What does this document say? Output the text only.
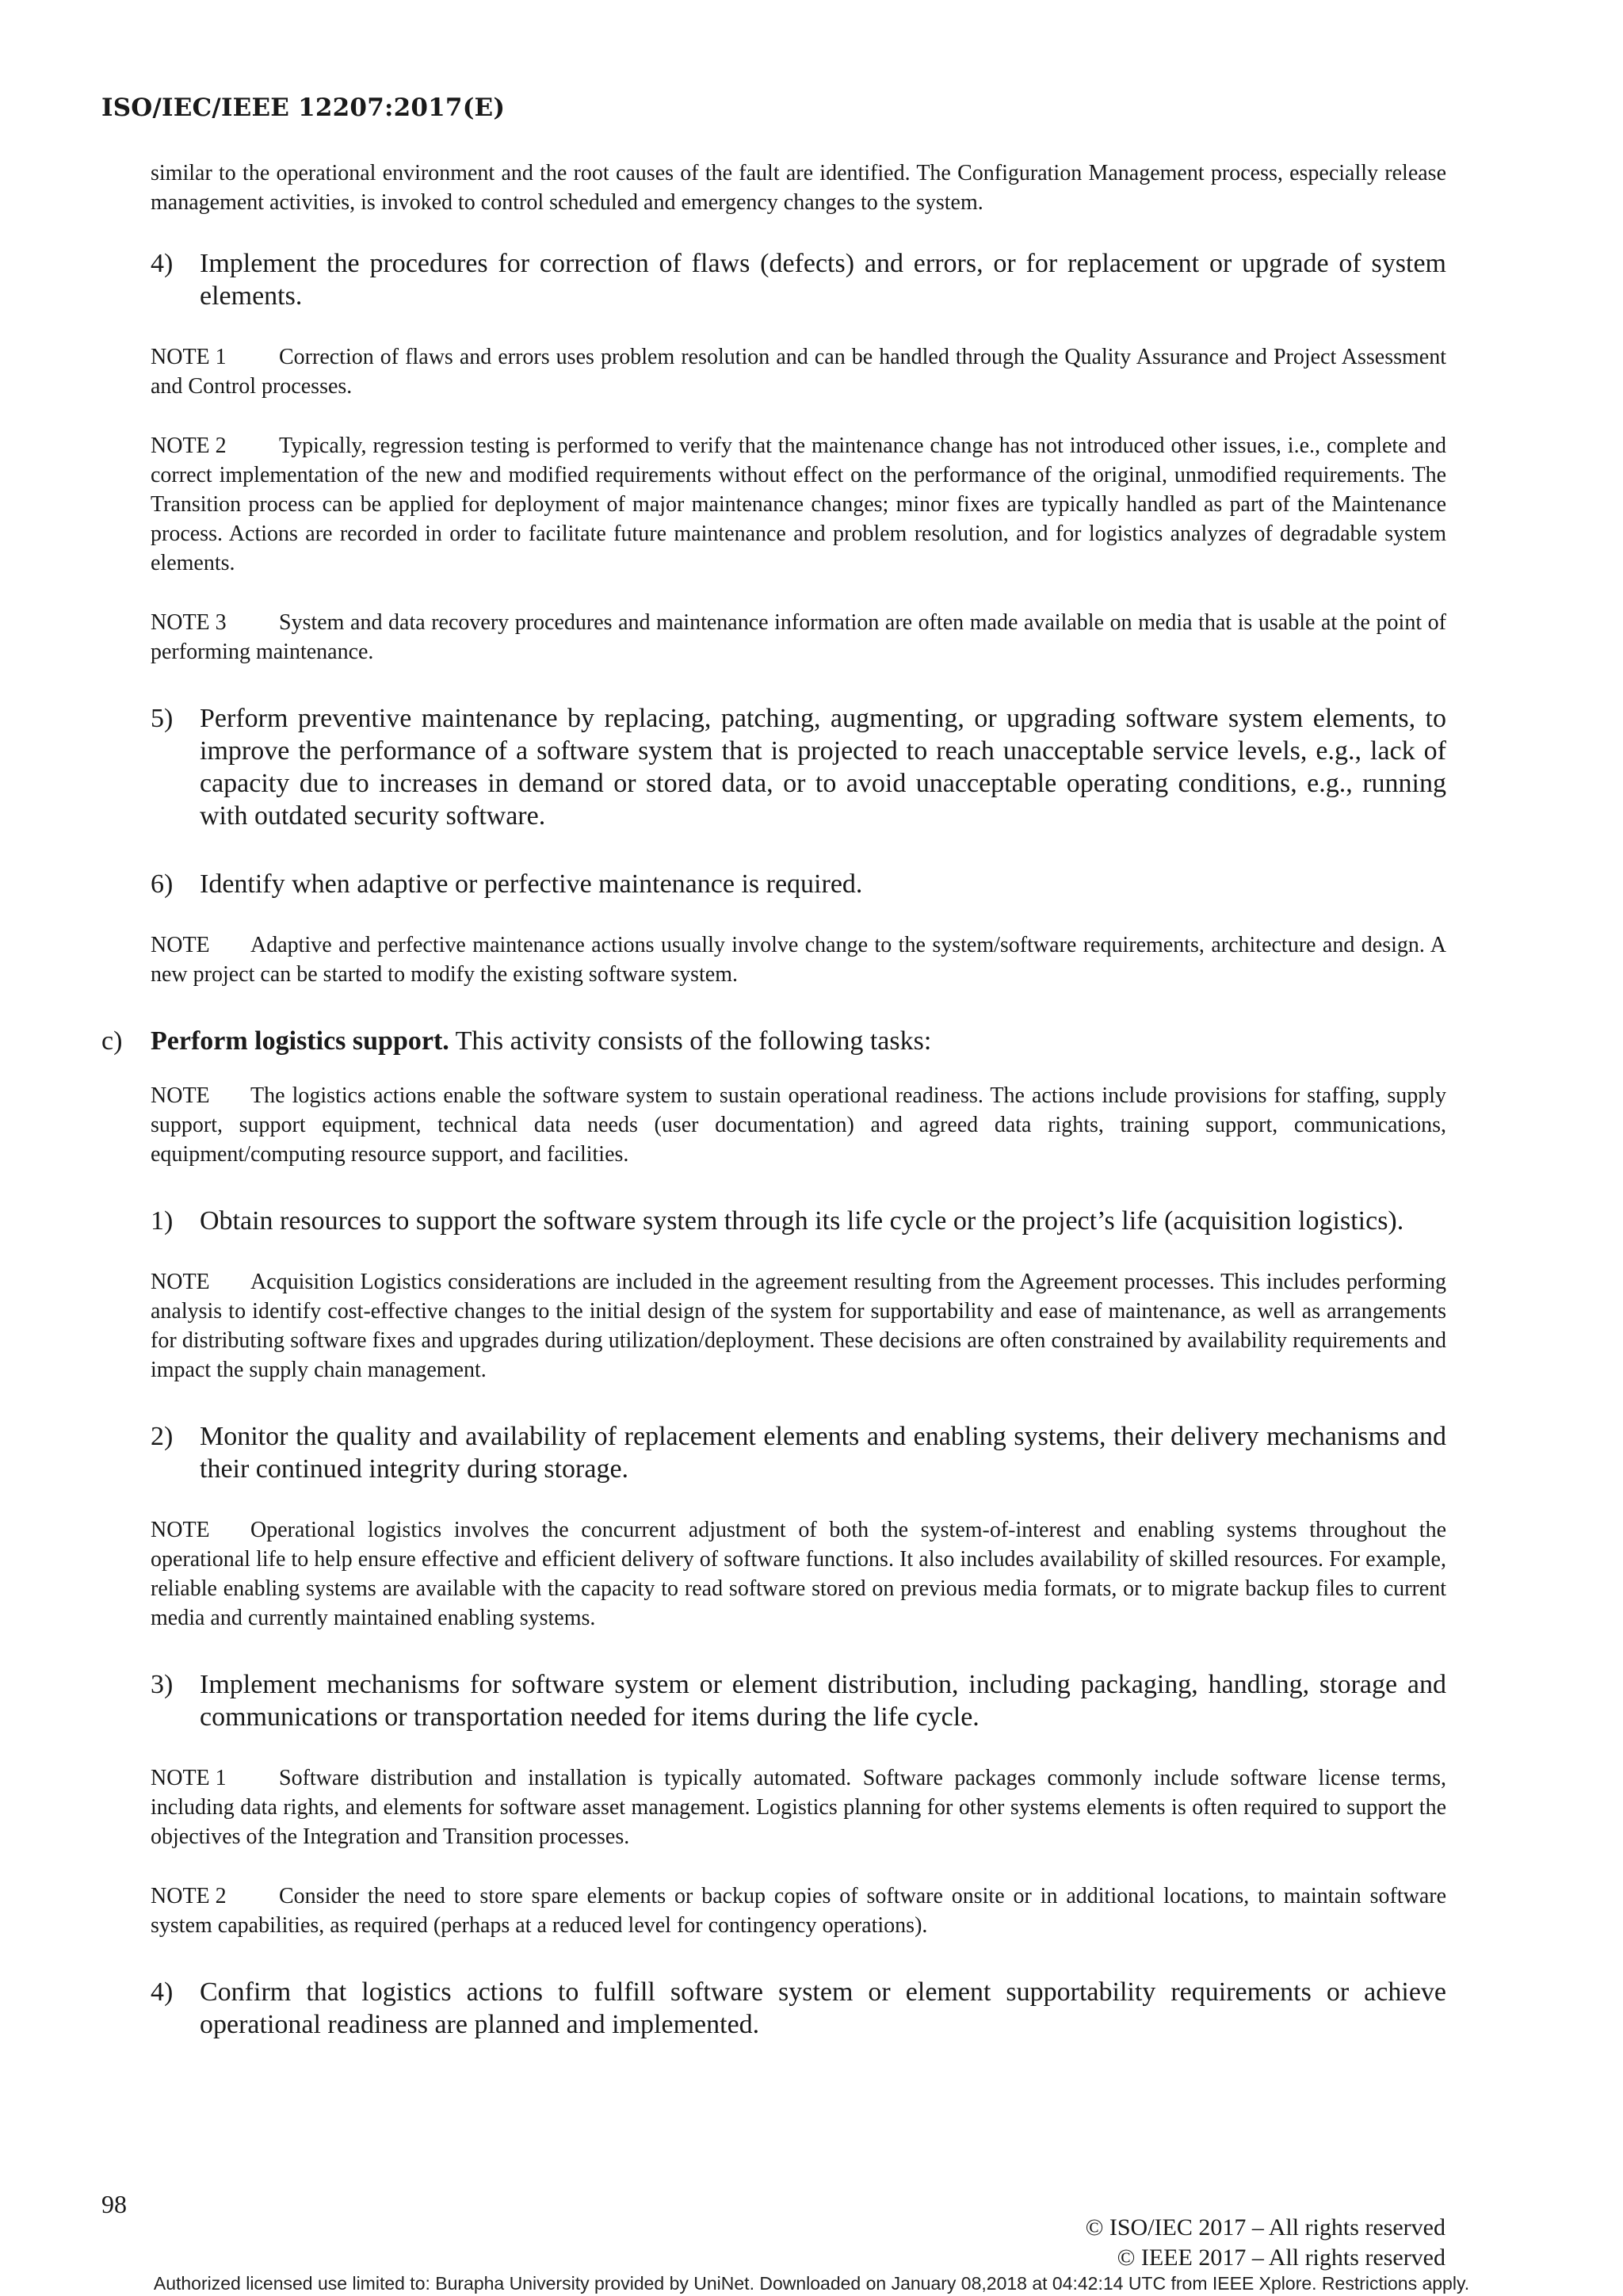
ISO/IEC/IEEE 12207:2017(E)

similar to the operational environment and the root causes of the fault are identified. The Configuration Management process, especially release management activities, is invoked to control scheduled and emergency changes to the system.

4) Implement the procedures for correction of flaws (defects) and errors, or for replacement or upgrade of system elements.

NOTE 1 Correction of flaws and errors uses problem resolution and can be handled through the Quality Assurance and Project Assessment and Control processes.

NOTE 2 Typically, regression testing is performed to verify that the maintenance change has not introduced other issues, i.e., complete and correct implementation of the new and modified requirements without effect on the performance of the original, unmodified requirements. The Transition process can be applied for deployment of major maintenance changes; minor fixes are typically handled as part of the Maintenance process. Actions are recorded in order to facilitate future maintenance and problem resolution, and for logistics analyzes of degradable system elements.

NOTE 3 System and data recovery procedures and maintenance information are often made available on media that is usable at the point of performing maintenance.

5) Perform preventive maintenance by replacing, patching, augmenting, or upgrading software system elements, to improve the performance of a software system that is projected to reach unacceptable service levels, e.g., lack of capacity due to increases in demand or stored data, or to avoid unacceptable operating conditions, e.g., running with outdated security software.
6) Identify when adaptive or perfective maintenance is required.

NOTE Adaptive and perfective maintenance actions usually involve change to the system/software requirements, architecture and design. A new project can be started to modify the existing software system.

c) Perform logistics support. This activity consists of the following tasks:

NOTE The logistics actions enable the software system to sustain operational readiness. The actions include provisions for staffing, supply support, support equipment, technical data needs (user documentation) and agreed data rights, training support, communications, equipment/computing resource support, and facilities.

1) Obtain resources to support the software system through its life cycle or the project’s life (acquisition logistics).

NOTE Acquisition Logistics considerations are included in the agreement resulting from the Agreement processes. This includes performing analysis to identify cost-effective changes to the initial design of the system for supportability and ease of maintenance, as well as arrangements for distributing software fixes and upgrades during utilization/deployment. These decisions are often constrained by availability requirements and impact the supply chain management.

2) Monitor the quality and availability of replacement elements and enabling systems, their delivery mechanisms and their continued integrity during storage.

NOTE Operational logistics involves the concurrent adjustment of both the system-of-interest and enabling systems throughout the operational life to help ensure effective and efficient delivery of software functions. It also includes availability of skilled resources. For example, reliable enabling systems are available with the capacity to read software stored on previous media formats, or to migrate backup files to current media and currently maintained enabling systems.

3) Implement mechanisms for software system or element distribution, including packaging, handling, storage and communications or transportation needed for items during the life cycle.

NOTE 1 Software distribution and installation is typically automated. Software packages commonly include software license terms, including data rights, and elements for software asset management. Logistics planning for other systems elements is often required to support the objectives of the Integration and Transition processes.

NOTE 2 Consider the need to store spare elements or backup copies of software onsite or in additional locations, to maintain software system capabilities, as required (perhaps at a reduced level for contingency operations).

4) Confirm that logistics actions to fulfill software system or element supportability requirements or achieve operational readiness are planned and implemented.
98
© ISO/IEC 2017 – All rights reserved
© IEEE 2017 – All rights reserved
Authorized licensed use limited to: Burapha University provided by UniNet. Downloaded on January 08,2018 at 04:42:14 UTC from IEEE Xplore. Restrictions apply.
